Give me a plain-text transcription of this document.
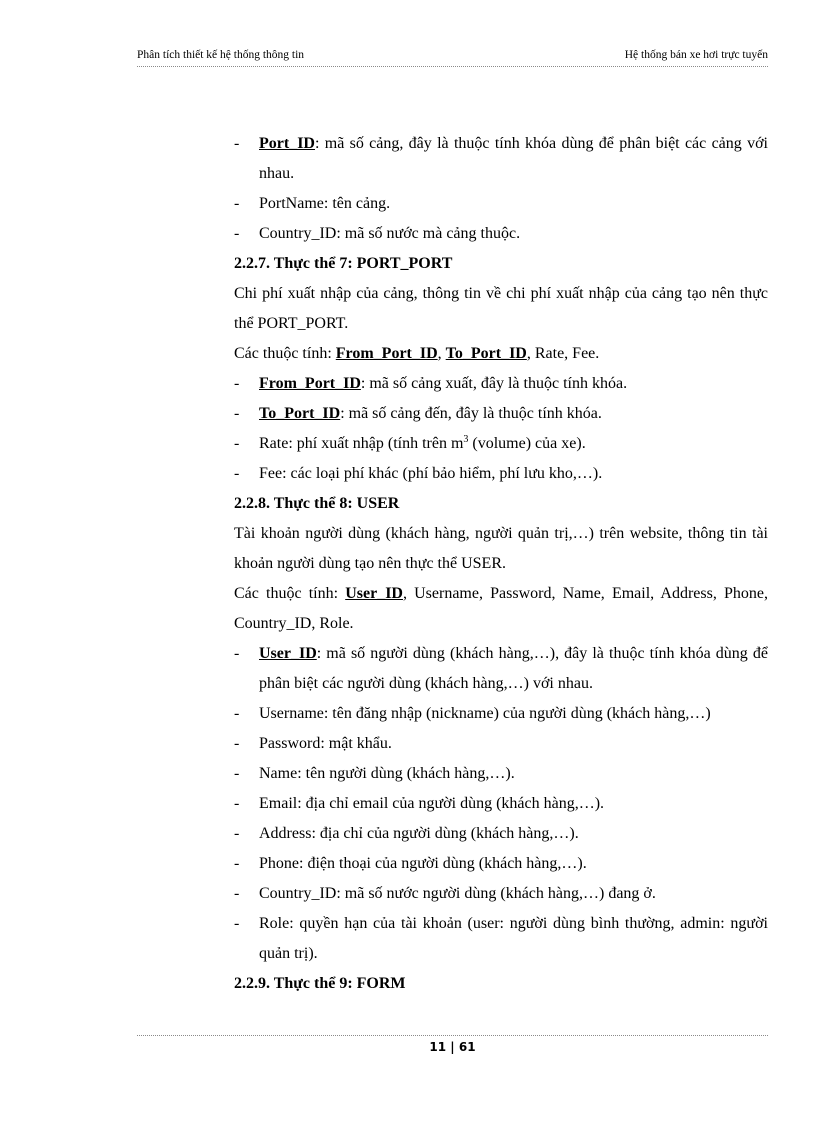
Phân tích thiết kế hệ thống thông tin	Hệ thống bán xe hơi trực tuyến

- Port_ID: mã số cảng, đây là thuộc tính khóa dùng để phân biệt các cảng với nhau.

- PortName: tên cảng.

- Country_ID: mã số nước mà cảng thuộc.

2.2.7. Thực thể 7: PORT_PORT

Chi phí xuất nhập của cảng, thông tin về chi phí xuất nhập của cảng tạo nên thực thể PORT_PORT.

Các thuộc tính: From_Port_ID, To_Port_ID, Rate, Fee.

- From_Port_ID: mã số cảng xuất, đây là thuộc tính khóa.

- To_Port_ID: mã số cảng đến, đây là thuộc tính khóa.

- Rate: phí xuất nhập (tính trên $m^3$ (volume) của xe).

- Fee: các loại phí khác (phí bảo hiểm, phí lưu kho,…).

2.2.8. Thực thể 8: USER

Tài khoản người dùng (khách hàng, người quản trị,…) trên website, thông tin tài khoản người dùng tạo nên thực thể USER.

Các thuộc tính: User_ID, Username, Password, Name, Email, Address, Phone, Country_ID, Role.

- User_ID: mã số người dùng (khách hàng,…), đây là thuộc tính khóa dùng để phân biệt các người dùng (khách hàng,…) với nhau.

- Username: tên đăng nhập (nickname) của người dùng (khách hàng,…)

- Password: mật khẩu.

- Name: tên người dùng (khách hàng,…).

- Email: địa chỉ email của người dùng (khách hàng,…).

- Address: địa chỉ của người dùng (khách hàng,…).

- Phone: điện thoại của người dùng (khách hàng,…).

- Country_ID: mã số nước người dùng (khách hàng,…) đang ở.

- Role: quyền hạn của tài khoản (user: người dùng bình thường, admin: người quản trị).

2.2.9. Thực thể 9: FORM

11 | 61
